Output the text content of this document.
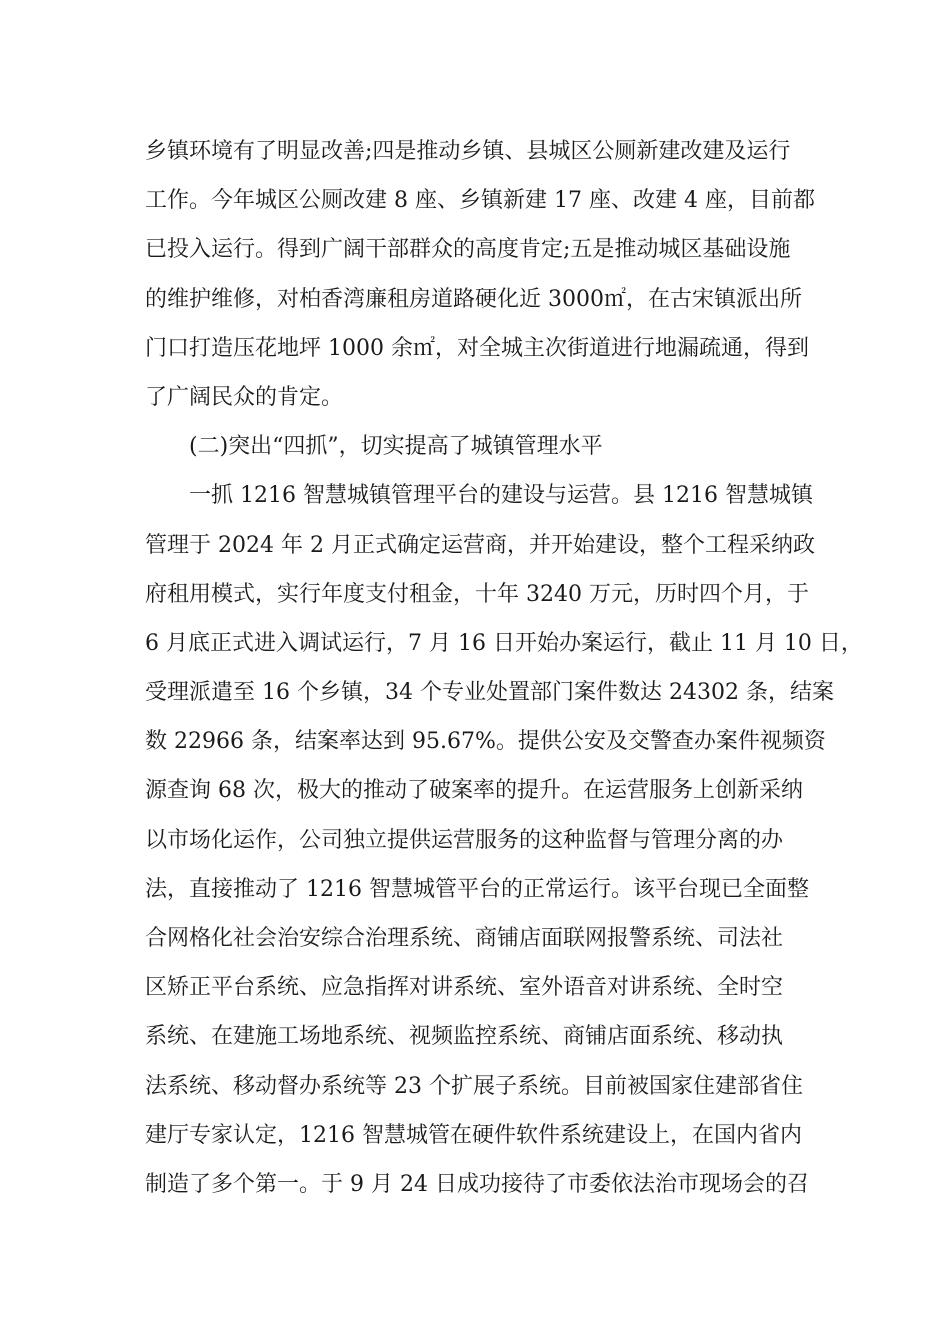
乡镇环境有了明显改善;四是推动乡镇、县城区公厕新建改建及运行
工作。今年城区公厕改建 8 座、乡镇新建 17 座、改建 4 座，目前都
已投入运行。得到广阔干部群众的高度肯定;五是推动城区基础设施
的维护维修，对柏香湾廉租房道路硬化近 3000㎡，在古宋镇派出所
门口打造压花地坪 1000 余㎡，对全城主次街道进行地漏疏通，得到
了广阔民众的肯定。
(二)突出“四抓”，切实提高了城镇管理水平
一抓 1216 智慧城镇管理平台的建设与运营。县 1216 智慧城镇
管理于 2024 年 2 月正式确定运营商，并开始建设，整个工程采纳政
府租用模式，实行年度支付租金，十年 3240 万元，历时四个月，于
6 月底正式进入调试运行，7 月 16 日开始办案运行，截止 11 月 10 日，
受理派遣至 16 个乡镇，34 个专业处置部门案件数达 24302 条，结案
数 22966 条，结案率达到 95.67%。提供公安及交警查办案件视频资
源查询 68 次，极大的推动了破案率的提升。在运营服务上创新采纳
以市场化运作，公司独立提供运营服务的这种监督与管理分离的办
法，直接推动了 1216 智慧城管平台的正常运行。该平台现已全面整
合网格化社会治安综合治理系统、商铺店面联网报警系统、司法社
区矫正平台系统、应急指挥对讲系统、室外语音对讲系统、全时空
系统、在建施工场地系统、视频监控系统、商铺店面系统、移动执
法系统、移动督办系统等 23 个扩展子系统。目前被国家住建部省住
建厅专家认定，1216 智慧城管在硬件软件系统建设上，在国内省内
制造了多个第一。于 9 月 24 日成功接待了市委依法治市现场会的召
